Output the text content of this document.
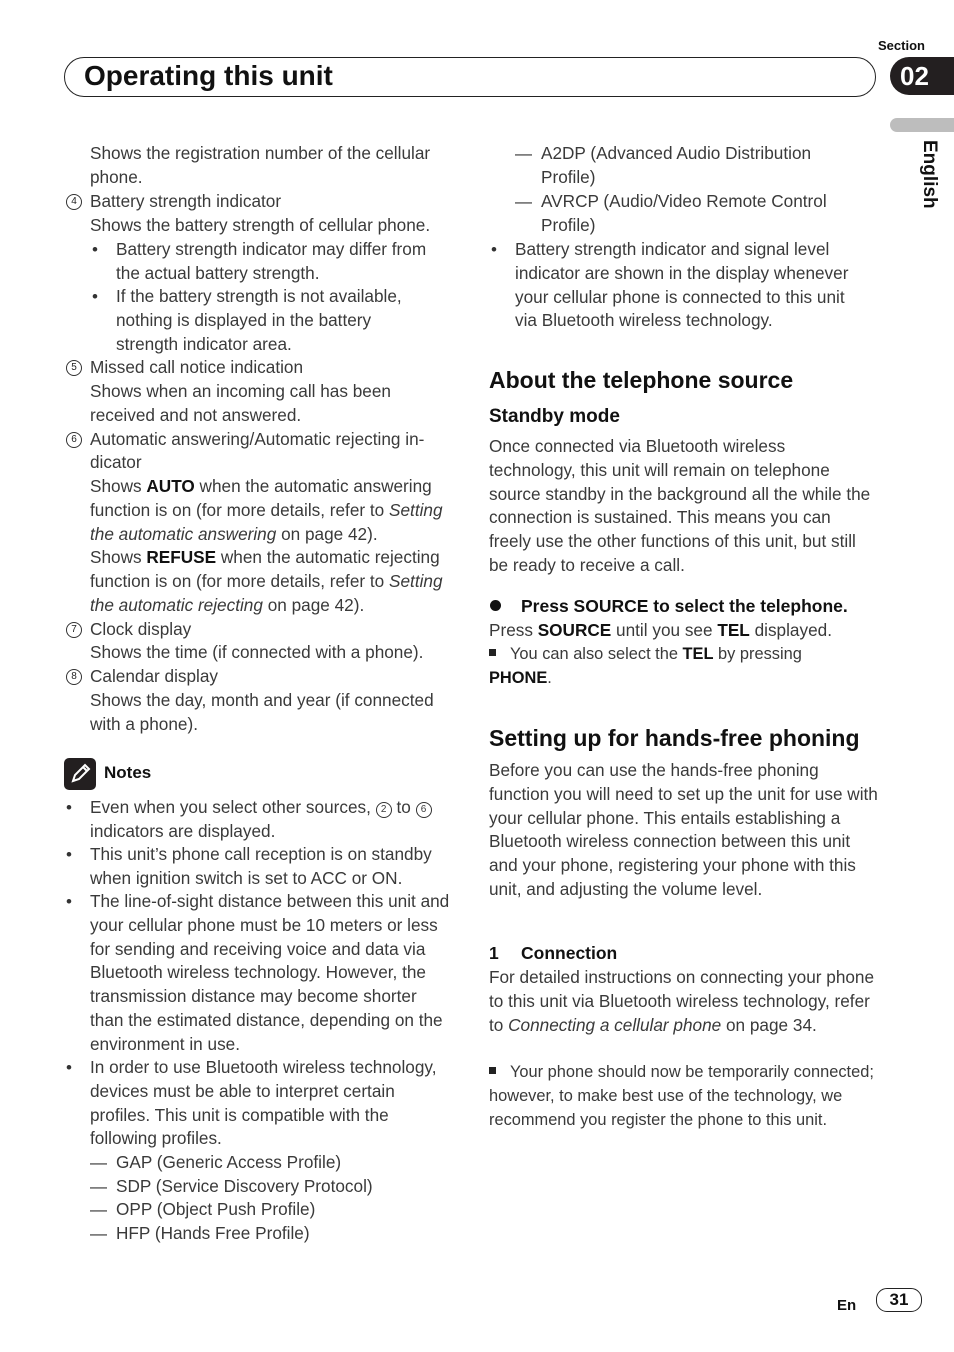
Operating this unit
Section
02
English
Shows the registration number of the cellular phone.
4 Battery strength indicator
Shows the battery strength of cellular phone.
• Battery strength indicator may differ from the actual battery strength.
• If the battery strength is not available, nothing is displayed in the battery strength indicator area.
5 Missed call notice indication
Shows when an incoming call has been received and not answered.
6 Automatic answering/Automatic rejecting in-
dicator
Shows AUTO when the automatic answering function is on (for more details, refer to Setting the automatic answering on page 42).
Shows REFUSE when the automatic rejecting function is on (for more details, refer to Setting the automatic rejecting on page 42).
7 Clock display
Shows the time (if connected with a phone).
8 Calendar display
Shows the day, month and year (if connected with a phone).
Notes
• Even when you select other sources, 2 to 6 indicators are displayed.
• This unit’s phone call reception is on standby when ignition switch is set to ACC or ON.
• The line-of-sight distance between this unit and your cellular phone must be 10 meters or less for sending and receiving voice and data via Bluetooth wireless technology. However, the transmission distance may become shorter than the estimated distance, depending on the environment in use.
• In order to use Bluetooth wireless technology, devices must be able to interpret certain profiles. This unit is compatible with the following profiles.
— GAP (Generic Access Profile)
— SDP (Service Discovery Protocol)
— OPP (Object Push Profile)
— HFP (Hands Free Profile)
— A2DP (Advanced Audio Distribution Profile)
— AVRCP (Audio/Video Remote Control Profile)
• Battery strength indicator and signal level indicator are shown in the display whenever your cellular phone is connected to this unit via Bluetooth wireless technology.
About the telephone source
Standby mode
Once connected via Bluetooth wireless technology, this unit will remain on telephone source standby in the background all the while the connection is sustained. This means you can freely use the other functions of this unit, but still be ready to receive a call.
Press SOURCE to select the telephone.
Press SOURCE until you see TEL displayed.
You can also select the TEL by pressing
PHONE.
Setting up for hands-free phoning
Before you can use the hands-free phoning function you will need to set up the unit for use with your cellular phone. This entails establishing a Bluetooth wireless connection between this unit and your phone, registering your phone with this unit, and adjusting the volume level.
1 Connection
For detailed instructions on connecting your phone to this unit via Bluetooth wireless technology, refer to Connecting a cellular phone on page 34.
Your phone should now be temporarily connected; however, to make best use of the technology, we recommend you register the phone to this unit.
En	31
